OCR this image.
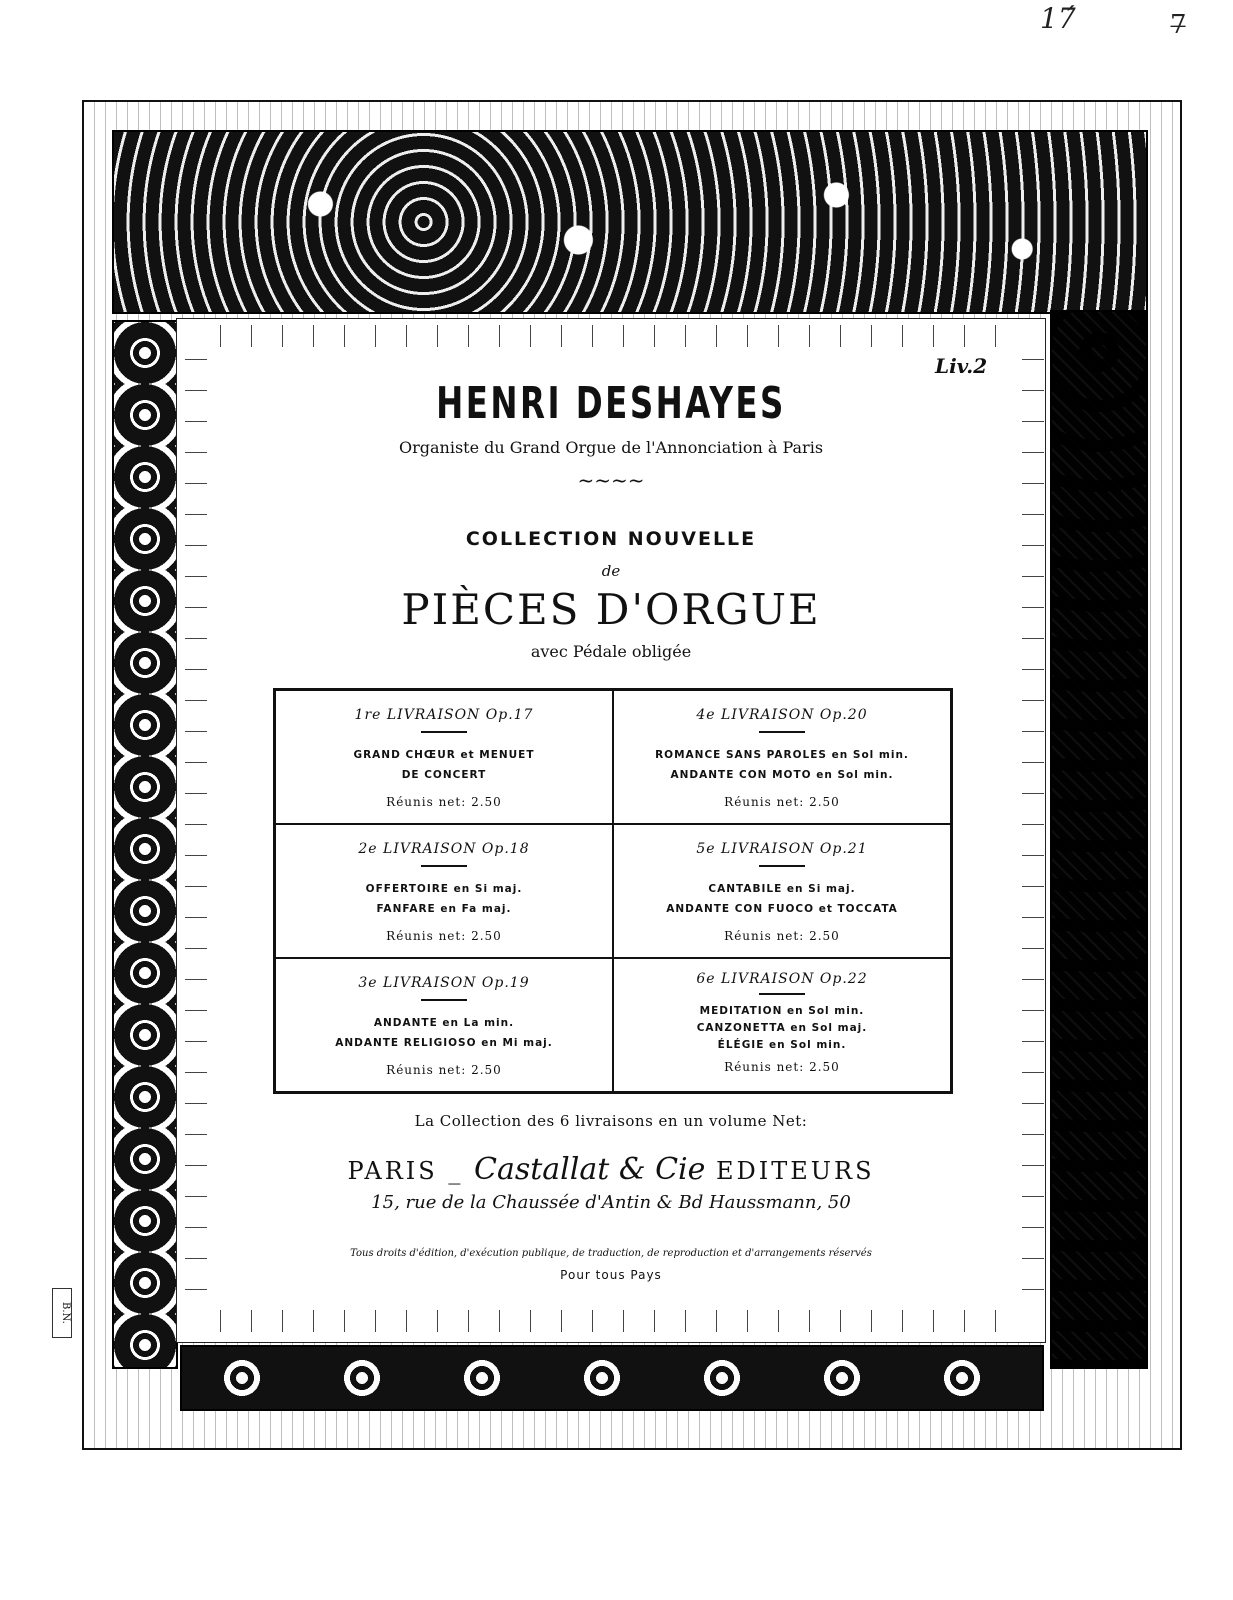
17́	7̶
Liv.2
HENRI DESHAYES
Organiste du Grand Orgue de l'Annonciation à Paris
~~~~
COLLECTION NOUVELLE
de
PIÈCES D'ORGUE
avec Pédale obligée
1re LIVRAISON Op.17
GRAND CHŒUR et MENUET
DE CONCERT
Réunis net: 2.50
4e LIVRAISON Op.20
ROMANCE SANS PAROLES en Sol min.
ANDANTE CON MOTO en Sol min.
Réunis net: 2.50
2e LIVRAISON Op.18
OFFERTOIRE en Si maj.
FANFARE en Fa maj.
Réunis net: 2.50
5e LIVRAISON Op.21
CANTABILE en Si maj.
ANDANTE CON FUOCO et TOCCATA
Réunis net: 2.50
3e LIVRAISON Op.19
ANDANTE en La min.
ANDANTE RELIGIOSO en Mi maj.
Réunis net: 2.50
6e LIVRAISON Op.22
MEDITATION en Sol min.
CANZONETTA en Sol maj.
ÉLÉGIE en Sol min.
Réunis net: 2.50
La Collection des 6 livraisons en un volume Net:
PARIS _ Castallat & Cie EDITEURS
15, rue de la Chaussée d'Antin & Bd Haussmann, 50
Tous droits d'édition, d'exécution publique, de traduction, de reproduction et d'arrangements réservés
Pour tous Pays
B.N.
